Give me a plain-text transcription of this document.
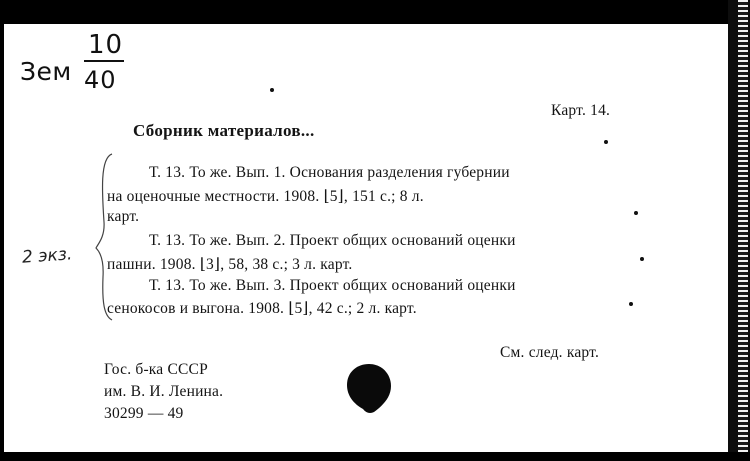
10
Зем 40
2 экз.
Карт. 14.
Сборник материалов...
Т. 13. То же. Вып. 1. Основания разделения губернии
на оценочные местности. 1908. ⌊5⌋, 151 с.; 8 л.
карт.
Т. 13. То же. Вып. 2. Проект общих оснований оценки
пашни. 1908. ⌊3⌋, 58, 38 с.; 3 л. карт.
Т. 13. То же. Вып. 3. Проект общих оснований оценки
сенокосов и выгона. 1908. ⌊5⌋, 42 с.; 2 л. карт.
См. след. карт.
Гос. б-ка СССР
им. В. И. Ленина.
30299 — 49
